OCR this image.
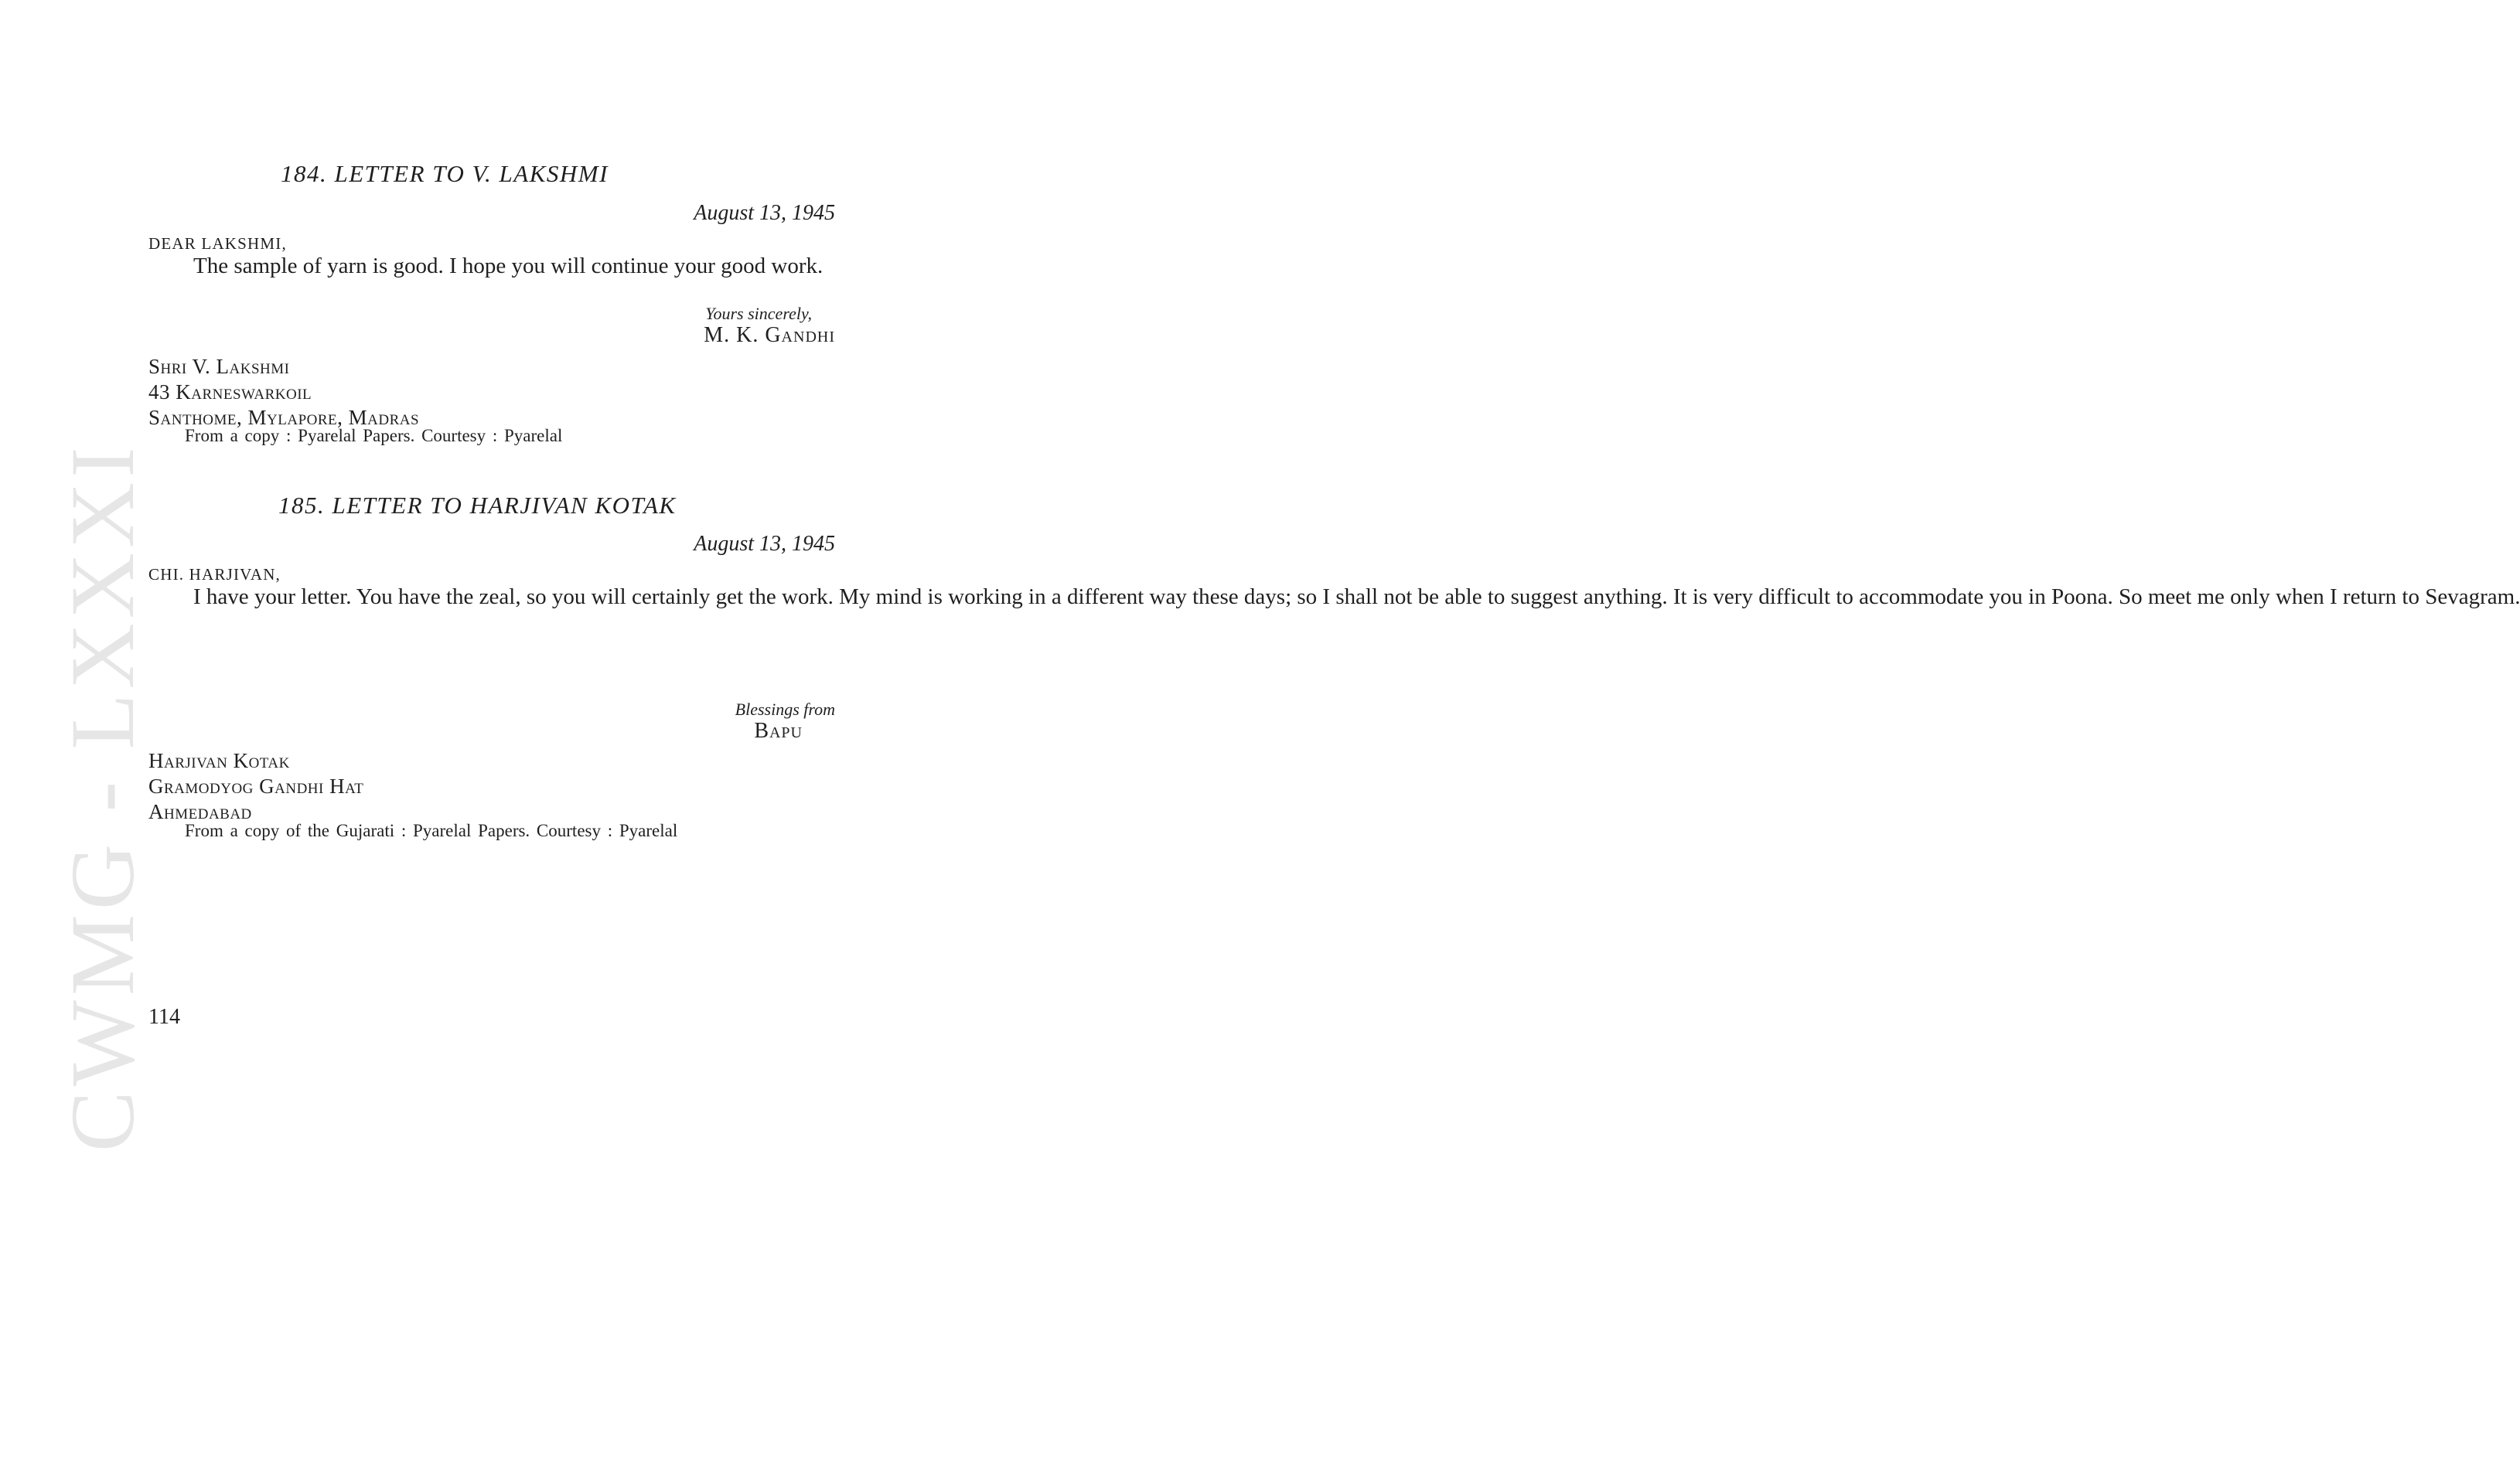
CWMG - LXXXI
184. LETTER TO V. LAKSHMI
August 13, 1945
DEAR LAKSHMI,

The sample of yarn is good. I hope you will continue your good work.

Yours sincerely,
M. K. Gandhi
Shri V. Lakshmi
43 Karneswarkoil
Santhome, Mylapore, Madras
From a copy : Pyarelal Papers. Courtesy : Pyarelal
185. LETTER TO HARJIVAN KOTAK
August 13, 1945
CHI. HARJIVAN,

I have your letter. You have the zeal, so you will certainly get the work. My mind is working in a different way these days; so I shall not be able to suggest anything. It is very difficult to accommodate you in Poona. So meet me only when I return to Sevagram.

Blessings from
Bapu
Harjivan Kotak
Gramodyog Gandhi Hat
Ahmedabad
From a copy of the Gujarati : Pyarelal Papers. Courtesy : Pyarelal
114
